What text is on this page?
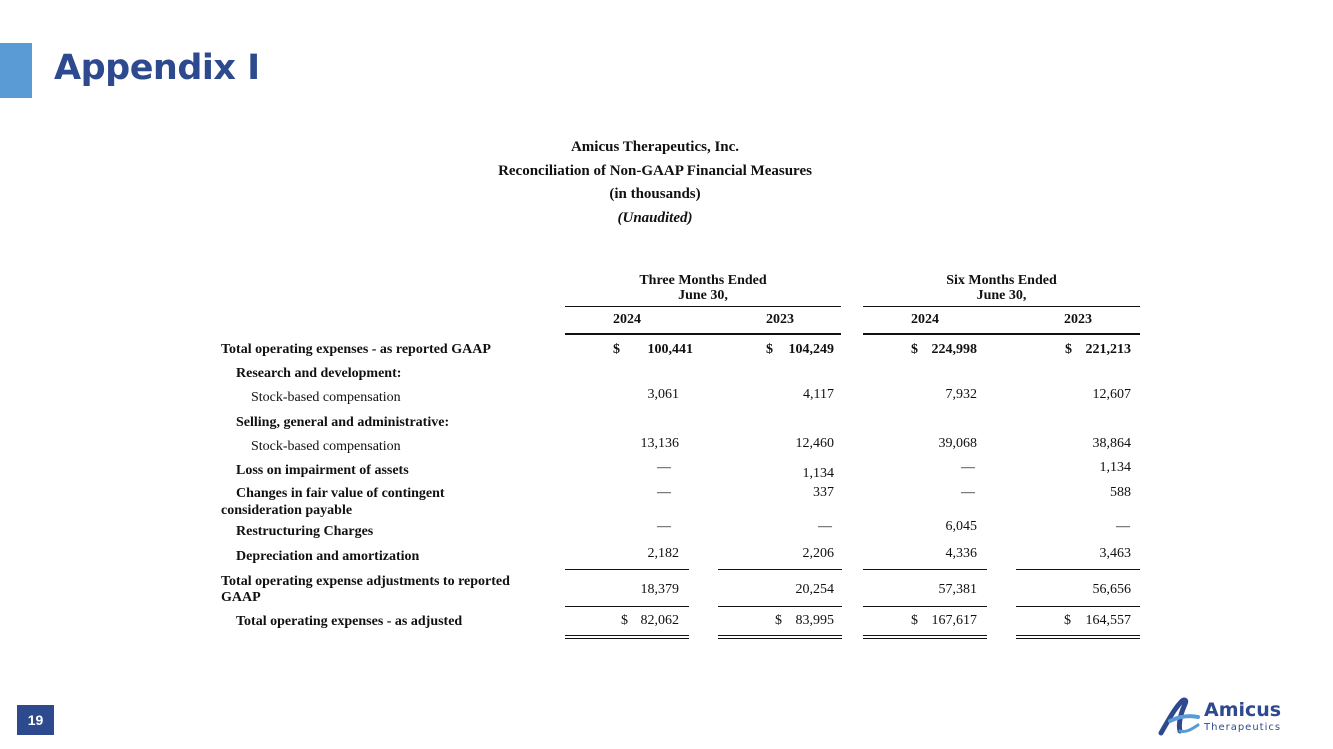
Appendix I
Amicus Therapeutics, Inc.
Reconciliation of Non-GAAP Financial Measures
(in thousands)
(Unaudited)
Three Months Ended
June 30,
Six Months Ended
June 30,
2024	2023	2024	2023
Total operating expenses - as reported GAAP	$ 100,441	$ 104,249	$ 224,998	$ 221,213
Research and development:
Stock-based compensation	3,061	4,117	7,932	12,607
Selling, general and administrative:
Stock-based compensation	13,136	12,460	39,068	38,864
Loss on impairment of assets	—	1,134	—	1,134
Changes in fair value of contingent
consideration payable
—	337	—	588
Restructuring Charges	—	—	6,045	—
Depreciation and amortization	2,182	2,206	4,336	3,463
Total operating expense adjustments to reported
GAAP
18,379	20,254	57,381	56,656
Total operating expenses - as adjusted	$ 82,062	$ 83,995	$ 167,617	$ 164,557
19	Amicus
Therapeutics
